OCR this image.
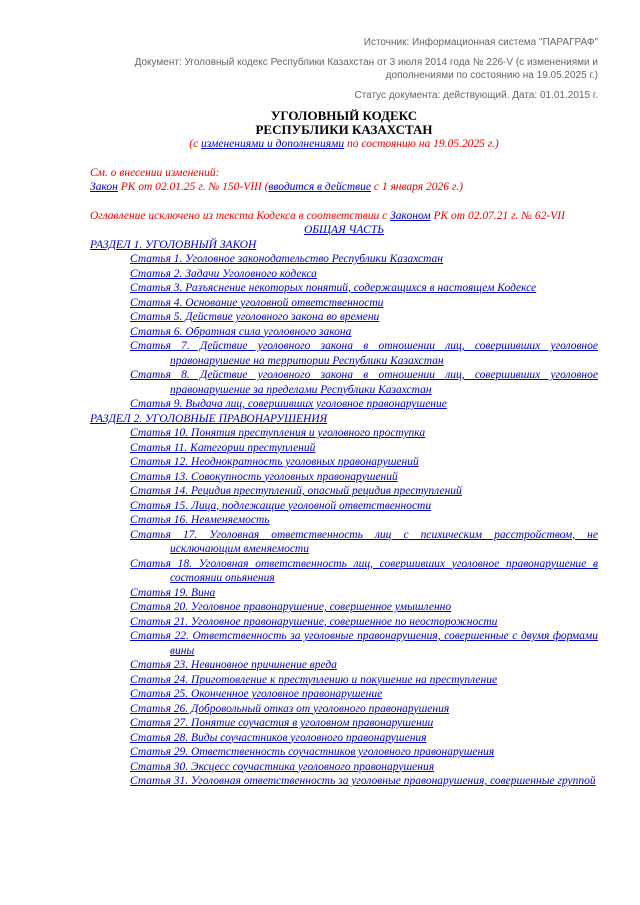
Источник: Информационная система "ПАРАГРАФ"
Документ: Уголовный кодекс Республики Казахстан от 3 июля 2014 года № 226-V (с изменениями и дополнениями по состоянию на 19.05.2025 г.)
Статус документа: действующий. Дата: 01.01.2015 г.
УГОЛОВНЫЙ КОДЕКС
РЕСПУБЛИКИ КАЗАХСТАН
(с изменениями и дополнениями по состоянию на 19.05.2025 г.)
См. о внесении изменений:
Закон РК от 02.01.25 г. № 150-VIII (вводится в действие с 1 января 2026 г.)
Оглавление исключено из текста Кодекса в соответствии с Законом РК от 02.07.21 г. № 62-VII
ОБЩАЯ ЧАСТЬ
РАЗДЕЛ 1. УГОЛОВНЫЙ ЗАКОН
Статья 1. Уголовное законодательство Республики Казахстан
Статья 2. Задачи Уголовного кодекса
Статья 3. Разъяснение некоторых понятий, содержащихся в настоящем Кодексе
Статья 4. Основание уголовной ответственности
Статья 5. Действие уголовного закона во времени
Статья 6. Обратная сила уголовного закона
Статья 7. Действие уголовного закона в отношении лиц, совершивших уголовное правонарушение на территории Республики Казахстан
Статья 8. Действие уголовного закона в отношении лиц, совершивших уголовное правонарушение за пределами Республики Казахстан
Статья 9. Выдача лиц, совершивших уголовное правонарушение
РАЗДЕЛ 2. УГОЛОВНЫЕ ПРАВОНАРУШЕНИЯ
Статья 10. Понятия преступления и уголовного проступка
Статья 11. Категории преступлений
Статья 12. Неоднократность уголовных правонарушений
Статья 13. Совокупность уголовных правонарушений
Статья 14. Рецидив преступлений, опасный рецидив преступлений
Статья 15. Лица, подлежащие уголовной ответственности
Статья 16. Невменяемость
Статья 17. Уголовная ответственность лиц с психическим расстройством, не исключающим вменяемости
Статья 18. Уголовная ответственность лиц, совершивших уголовное правонарушение в состоянии опьянения
Статья 19. Вина
Статья 20. Уголовное правонарушение, совершенное умышленно
Статья 21. Уголовное правонарушение, совершенное по неосторожности
Статья 22. Ответственность за уголовные правонарушения, совершенные с двумя формами вины
Статья 23. Невиновное причинение вреда
Статья 24. Приготовление к преступлению и покушение на преступление
Статья 25. Оконченное уголовное правонарушение
Статья 26. Добровольный отказ от уголовного правонарушения
Статья 27. Понятие соучастия в уголовном правонарушении
Статья 28. Виды соучастников уголовного правонарушения
Статья 29. Ответственность соучастников уголовного правонарушения
Статья 30. Эксцесс соучастника уголовного правонарушения
Статья 31. Уголовная ответственность за уголовные правонарушения, совершенные группой
